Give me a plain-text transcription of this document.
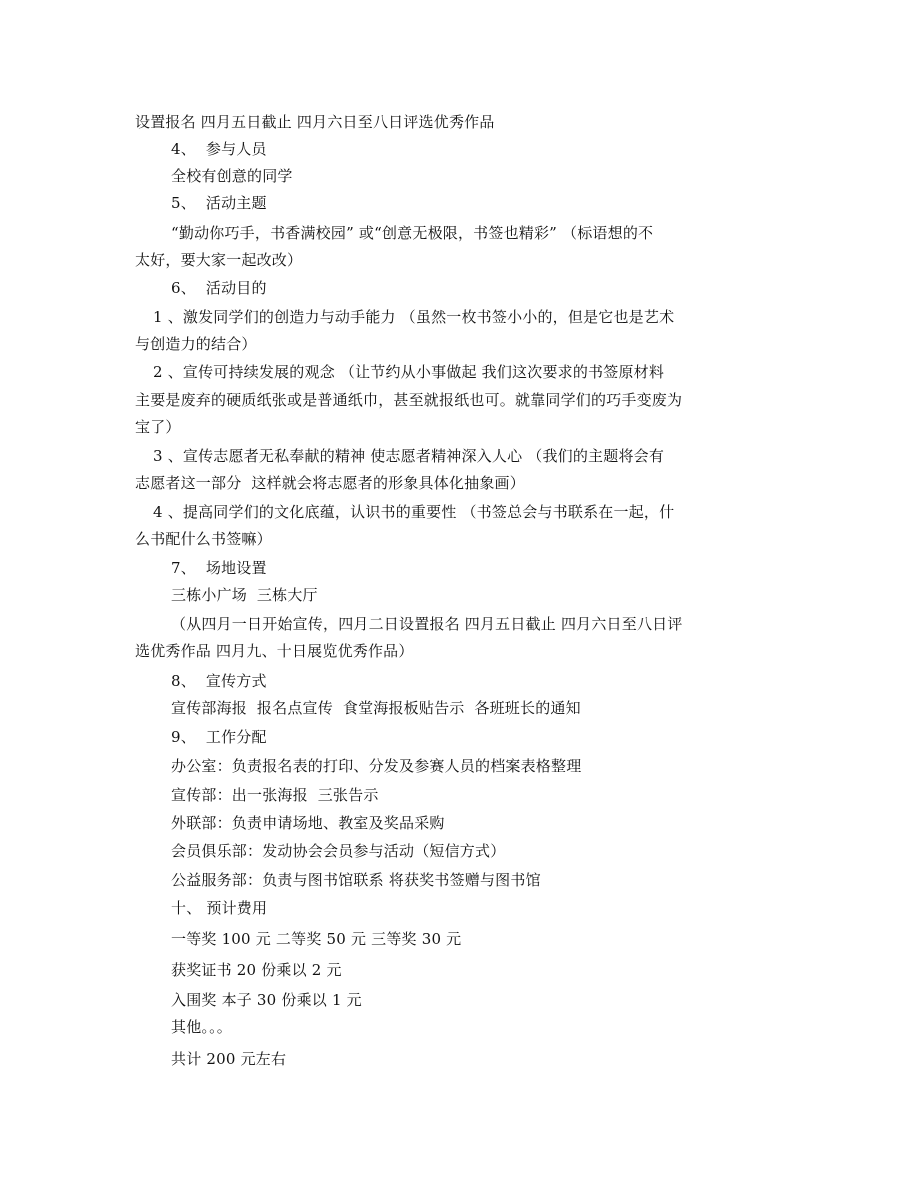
设置报名 四月五日截止 四月六日至八日评选优秀作品

4、  参与人员

全校有创意的同学

5、  活动主题

“勤动你巧手，书香满校园” 或“创意无极限，书签也精彩” （标语想的不

太好，要大家一起改改）

6、  活动目的

1 、激发同学们的创造力与动手能力 （虽然一枚书签小小的，但是它也是艺术

与创造力的结合）

2 、宣传可持续发展的观念 （让节约从小事做起 我们这次要求的书签原材料

主要是废弃的硬质纸张或是普通纸巾，甚至就报纸也可。就靠同学们的巧手变废为

宝了）

3 、宣传志愿者无私奉献的精神 使志愿者精神深入人心 （我们的主题将会有

志愿者这一部分  这样就会将志愿者的形象具体化抽象画）

4 、提高同学们的文化底蕴，认识书的重要性 （书签总会与书联系在一起，什

么书配什么书签嘛）

7、  场地设置

三栋小广场  三栋大厅

（从四月一日开始宣传，四月二日设置报名 四月五日截止 四月六日至八日评

选优秀作品 四月九、十日展览优秀作品）

8、  宣传方式

宣传部海报  报名点宣传  食堂海报板贴告示  各班班长的通知

9、  工作分配

办公室：负责报名表的打印、分发及参赛人员的档案表格整理

宣传部：出一张海报  三张告示

外联部：负责申请场地、教室及奖品采购

会员俱乐部：发动协会会员参与活动（短信方式）

公益服务部：负责与图书馆联系 将获奖书签赠与图书馆

十、 预计费用

一等奖 100 元 二等奖 50 元 三等奖 30 元

获奖证书 20 份乘以 2 元

入围奖 本子 30 份乘以 1 元

其他。。。

共计 200 元左右
